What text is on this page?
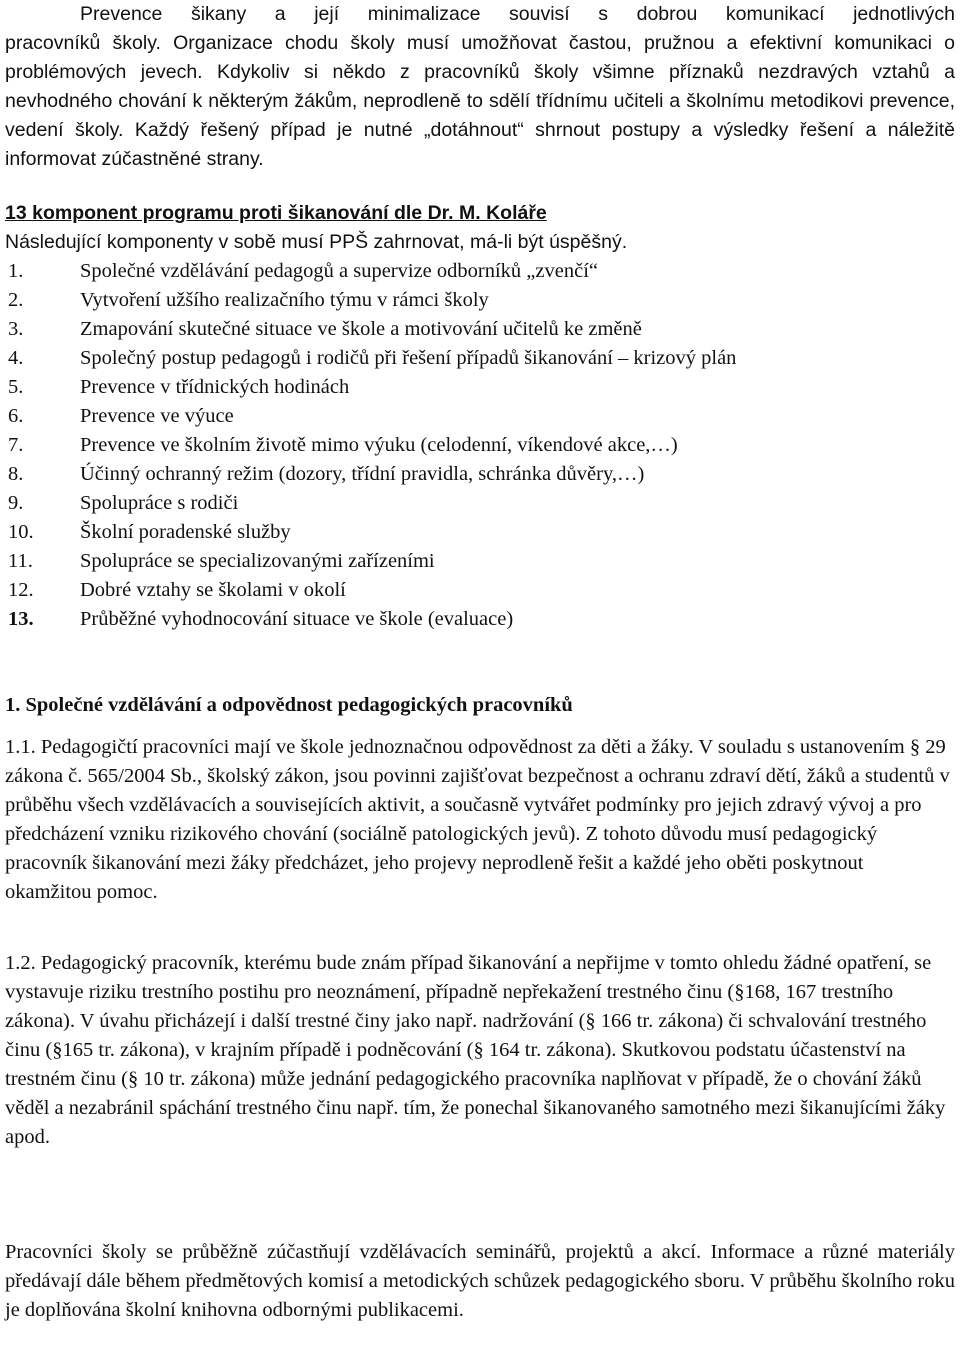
Prevence šikany a její minimalizace souvisí s dobrou komunikací jednotlivých

pracovníků školy. Organizace chodu školy musí umožňovat častou, pružnou a efektivní komunikaci o problémových jevech. Kdykoliv si někdo z pracovníků školy všimne příznaků nezdravých vztahů a nevhodného chování k některým žákům, neprodleně to sdělí třídnímu učiteli a školnímu metodikovi prevence, vedení školy. Každý řešený případ je nutné „dotáhnout“ shrnout postupy a výsledky řešení a náležitě informovat zúčastněné strany.

13 komponent programu proti šikanování dle Dr. M. Koláře

Následující komponenty v sobě musí PPŠ zahrnovat, má-li být úspěšný.

1.	Společné vzdělávání pedagogů a supervize odborníků „zvenčí“
2.	Vytvoření užšího realizačního týmu v rámci školy
3.	Zmapování skutečné situace ve škole a motivování učitelů ke změně
4.	Společný postup pedagogů i rodičů při řešení případů šikanování – krizový plán
5.	Prevence v třídnických hodinách
6.	Prevence ve výuce
7.	Prevence ve školním životě mimo výuku (celodenní, víkendové akce,…)
8.	Účinný ochranný režim (dozory, třídní pravidla, schránka důvěry,…)
9.	Spolupráce s rodiči
10. Školní poradenské služby
11. Spolupráce se specializovanými zařízeními
12. Dobré vztahy se školami v okolí
13. Průběžné vyhodnocování situace ve škole (evaluace)

1. Společné vzdělávání a odpovědnost pedagogických pracovníků

1.1. Pedagogičtí pracovníci mají ve škole jednoznačnou odpovědnost za děti a žáky. V souladu s ustanovením § 29 zákona č. 565/2004 Sb., školský zákon, jsou povinni zajišťovat bezpečnost a ochranu zdraví dětí, žáků a studentů v průběhu všech vzdělávacích a souvisejících aktivit, a současně vytvářet podmínky pro jejich zdravý vývoj a pro předcházení vzniku rizikového chování (sociálně patologických jevů). Z tohoto důvodu musí pedagogický pracovník šikanování mezi žáky předcházet, jeho projevy neprodleně řešit a každé jeho oběti poskytnout okamžitou pomoc.

1.2. Pedagogický pracovník, kterému bude znám případ šikanování a nepřijme v tomto ohledu žádné opatření, se vystavuje riziku trestního postihu pro neoznámení, případně nepřekažení trestného činu (§168, 167 trestního zákona). V úvahu přicházejí i další trestné činy jako např. nadržování (§ 166 tr. zákona) či schvalování trestného činu (§165 tr. zákona), v krajním případě i podněcování (§ 164 tr. zákona). Skutkovou podstatu účastenství na trestném činu (§ 10 tr. zákona) může jednání pedagogického pracovníka naplňovat v případě, že o chování žáků věděl a nezabránil spáchání trestného činu např. tím, že ponechal šikanovaného samotného mezi šikanujícími žáky apod.

Pracovníci školy se průběžně zúčastňují vzdělávacích seminářů, projektů a akcí. Informace a různé materiály předávají dále během předmětových komisí a metodických schůzek pedagogického sboru. V průběhu školního roku je doplňována školní knihovna odbornými publikacemi.
